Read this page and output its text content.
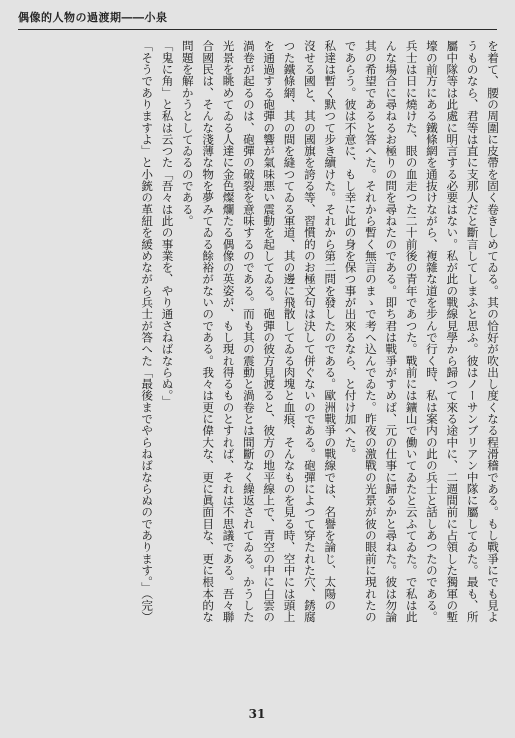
偶像的人物の過渡期――小泉

を着て、腰の周圍に皮帶を固く卷きしめてゐる。其の恰好が吹出し度くなる程滑稽である。もし戰爭にでも見よ

うものなら、君等は直に支那人だと斷言してしまふと思ふ。彼はノーサンブリアン中隊に屬してゐた。最も、所

屬中隊等は此處に明言する必要はない。私が此の戰線見學から歸つて來る途中に、二週間前に占領した獨軍の塹

壕の前方にある鐵條網を通抜けながら、複雜な道を步んで行く時、私は案内の此の兵士と話しあつたのである。

兵士は日に燒けた、眼の血走つた二十前後の青年であつた。戰前には鑛山で働いてゐたと云ふてゐた。で私は此

んな場合に尋ねるお極りの問を尋ねたのである。即ち君は戰爭がすめば、元の仕事に歸るかと尋ねた。彼は勿論

其の希望であると答へた。それから暫く無言のまゝで考へ込んでゐた。昨夜の激戰の光景が彼の眼前に現れたの

であらう。彼は不意に、もし幸に此の身を保つ事が出來るなら、と付け加へた。

私達は暫く默つて步き續けた。それから第二問を發したのである。歐洲戰爭の戰線では、名譽を論じ、太陽の

沒せる國と、其の國旗を誇る等、習慣的のお極文句は決して併ぐないのである。砲彈によつて穿たれた穴、銹腐

つた鐵條網、其の間を縫つてゐる軍道、其の邊に飛散してゐる肉塊と血痕、そんなものを見る時、空中には頭上

を通過する砲彈の響が氣味悪い震動を起してゐる。砲彈の彼方見渡ると、彼方の地平線上で、青空の中に白雲の

渦卷が起るのは、砲彈の破裂を意味するのである。而も其の震動と渦卷とは間斷なく繰返されてゐる。かうした

光景を眺めてゐる人達に金色燦爛たる偶像の英姿が、もし現れ得るものとすれば、それは不思議である。吾々聯

合國民は、そんな淺薄な物を夢みてゐる餘裕がないのである。我々は更に偉大な、更に眞面目な、更に根本的な

問題を解かうとしてゐるのである。

「鬼に角」と私は云つた「吾々は此の事業を、やり通さねばならぬ。」

「そうでありますよ」と小銃の革紐を緩めながら兵士が答へた「最後までやらねばならぬのであります。」（完）

31
